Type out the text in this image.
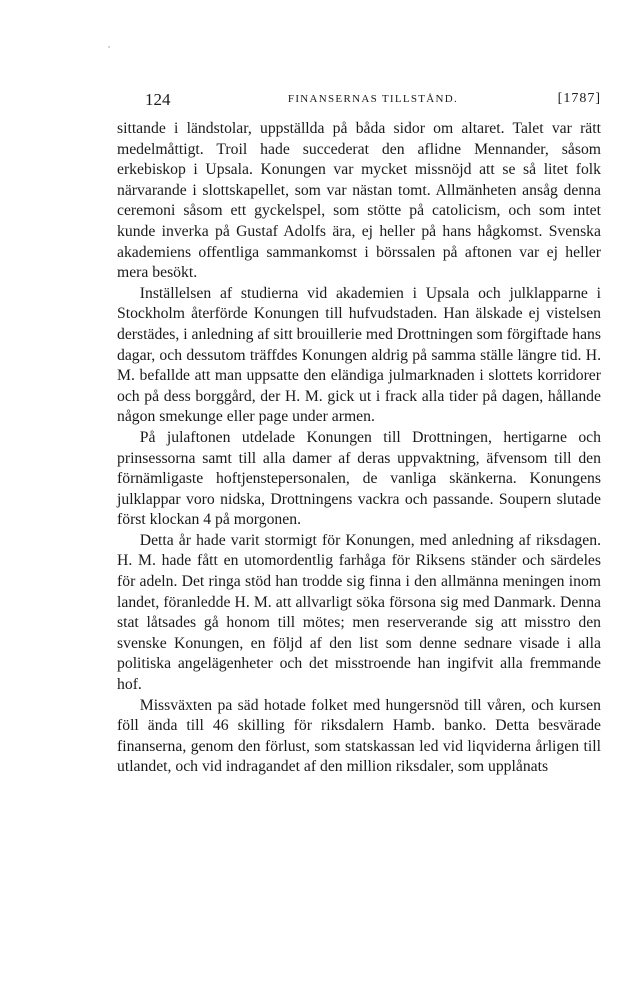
124	FINANSERNAS TILLSTÅND.	[1787]

sittande i ländstolar, uppställda på båda sidor om altaret. Talet var rätt medelmåttigt. Troil hade succederat den aflidne Mennander, såsom erkebiskop i Upsala. Konungen var mycket missnöjd att se så litet folk närvarande i slottskapellet, som var nästan tomt. Allmänheten ansåg denna ceremoni såsom ett gyckelspel, som stötte på catolicism, och som intet kunde inverka på Gustaf Adolfs ära, ej heller på hans hågkomst. Svenska akademiens offentliga sammankomst i börssalen på aftonen var ej heller mera besökt.

Inställelsen af studierna vid akademien i Upsala och julklapparne i Stockholm återförde Konungen till hufvudstaden. Han älskade ej vistelsen derstädes, i anledning af sitt brouillerie med Drottningen som förgiftade hans dagar, och dessutom träffdes Konungen aldrig på samma ställe längre tid. H. M. befallde att man uppsatte den eländiga julmarknaden i slottets korridorer och på dess borggård, der H. M. gick ut i frack alla tider på dagen, hållande någon smekunge eller page under armen.

På julaftonen utdelade Konungen till Drottningen, hertigarne och prinsessorna samt till alla damer af deras uppvaktning, äfvensom till den förnämligaste hoftjenstepersonalen, de vanliga skänkerna. Konungens julklappar voro nidska, Drottningens vackra och passande. Soupern slutade först klockan 4 på morgonen.

Detta år hade varit stormigt för Konungen, med anledning af riksdagen. H. M. hade fått en utomordentlig farhåga för Riksens ständer och särdeles för adeln. Det ringa stöd han trodde sig finna i den allmänna meningen inom landet, föranledde H. M. att allvarligt söka försona sig med Danmark. Denna stat låtsades gå honom till mötes; men reserverande sig att misstro den svenske Konungen, en följd af den list som denne sednare visade i alla politiska angelägenheter och det misstroende han ingifvit alla fremmande hof.

Missväxten pa säd hotade folket med hungersnöd till våren, och kursen föll ända till 46 skilling för riksdalern Hamb. banko. Detta besvärade finanserna, genom den förlust, som statskassan led vid liqviderna årligen till utlandet, och vid indragandet af den million riksdaler, som upplånats
